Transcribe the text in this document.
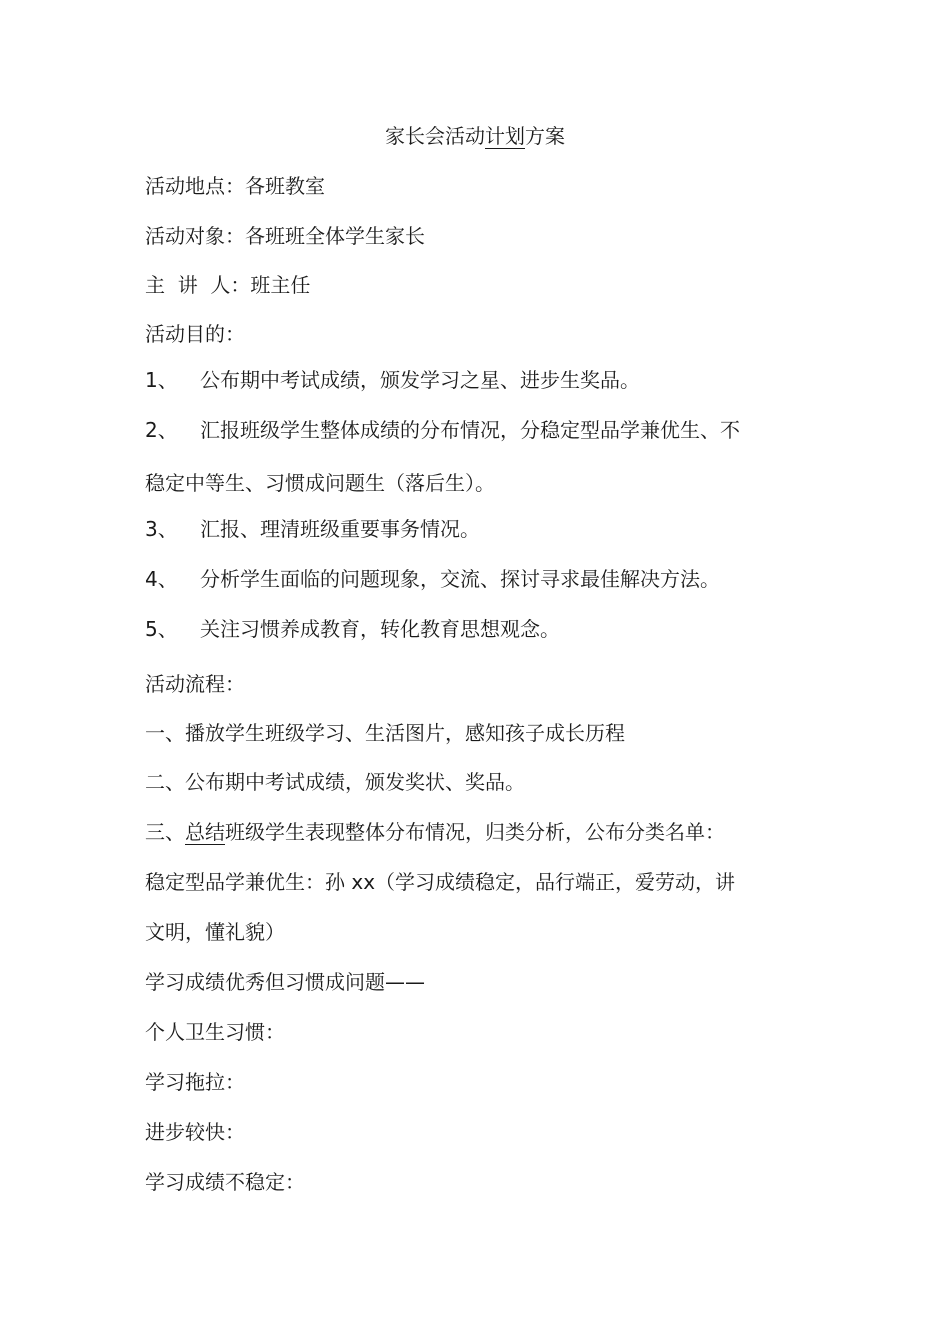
家长会活动计划方案
活动地点：各班教室
活动对象：各班班全体学生家长
主  讲  人：班主任
活动目的：
1、 公布期中考试成绩，颁发学习之星、进步生奖品。
2、 汇报班级学生整体成绩的分布情况，分稳定型品学兼优生、不
稳定中等生、习惯成问题生（落后生）。
3、 汇报、理清班级重要事务情况。
4、 分析学生面临的问题现象，交流、探讨寻求最佳解决方法。
5、 关注习惯养成教育，转化教育思想观念。
活动流程：
一、播放学生班级学习、生活图片，感知孩子成长历程
二、公布期中考试成绩，颁发奖状、奖品。
三、总结班级学生表现整体分布情况，归类分析，公布分类名单：
稳定型品学兼优生：孙 xx（学习成绩稳定，品行端正，爱劳动，讲
文明，懂礼貌）
学习成绩优秀但习惯成问题——
个人卫生习惯：
学习拖拉：
进步较快：
学习成绩不稳定：
